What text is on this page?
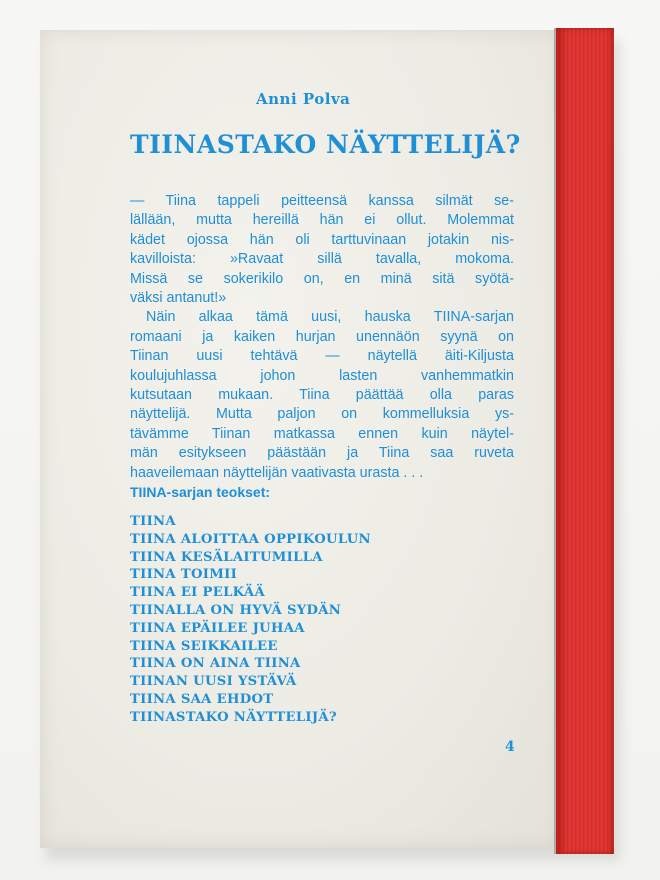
Anni Polva
TIINASTAKO NÄYTTELIJÄ?
— Tiina tappeli peitteensä kanssa silmät se-
lällään, mutta hereillä hän ei ollut. Molemmat
kädet ojossa hän oli tarttuvinaan jotakin nis-
kavilloista: »Ravaat sillä tavalla, mokoma.
Missä se sokerikilo on, en minä sitä syötä-
väksi antanut!»
Näin alkaa tämä uusi, hauska TIINA-sarjan
romaani ja kaiken hurjan unennäön syynä on
Tiinan uusi tehtävä — näytellä äiti-Kiljusta
koulujuhlassa johon lasten vanhemmatkin
kutsutaan mukaan. Tiina päättää olla paras
näyttelijä. Mutta paljon on kommelluksia ys-
tävämme Tiinan matkassa ennen kuin näytel-
män esitykseen päästään ja Tiina saa ruveta
haaveilemaan näyttelijän vaativasta urasta . . .
TIINA-sarjan teokset:
TIINA
TIINA ALOITTAA OPPIKOULUN
TIINA KESÄLAITUMILLA
TIINA TOIMII
TIINA EI PELKÄÄ
TIINALLA ON HYVÄ SYDÄN
TIINA EPÄILEE JUHAA
TIINA SEIKKAILEE
TIINA ON AINA TIINA
TIINAN UUSI YSTÄVÄ
TIINA SAA EHDOT
TIINASTAKO NÄYTTELIJÄ?
4
